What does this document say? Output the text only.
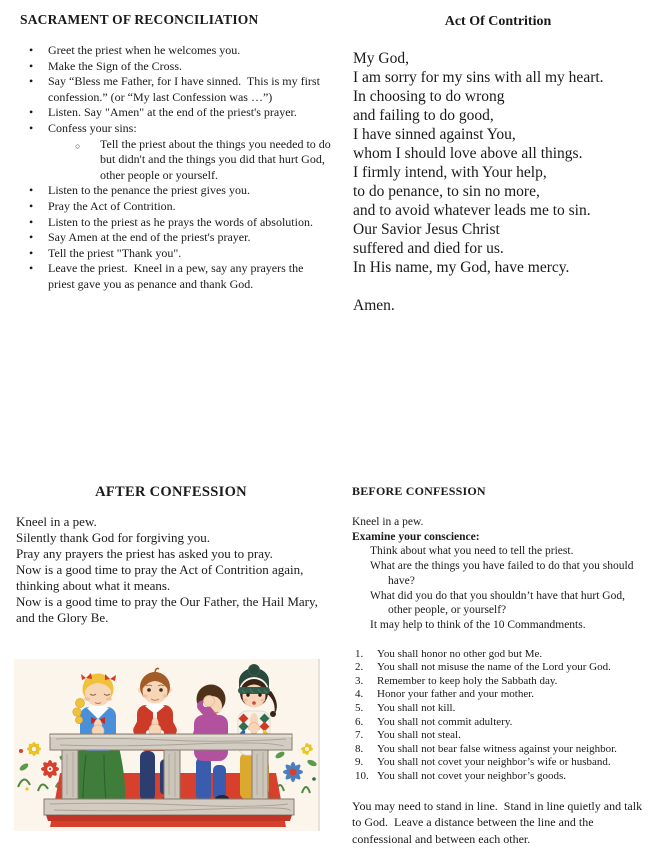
SACRAMENT OF RECONCILIATION
• Greet the priest when he welcomes you.
• Make the Sign of the Cross.
• Say “Bless me Father, for I have sinned.  This is my first confession.” (or “My last Confession was …”)
• Listen. Say "Amen" at the end of the priest's prayer.
• Confess your sins:
○ Tell the priest about the things you needed to do but didn't and the things you did that hurt God, other people or yourself.
• Listen to the penance the priest gives you.
• Pray the Act of Contrition.
• Listen to the priest as he prays the words of absolution.
• Say Amen at the end of the priest's prayer.
• Tell the priest "Thank you".
• Leave the priest.  Kneel in a pew, say any prayers the priest gave you as penance and thank God.
Act Of Contrition
My God,
I am sorry for my sins with all my heart.
In choosing to do wrong
and failing to do good,
I have sinned against You,
whom I should love above all things.
I firmly intend, with Your help,
to do penance, to sin no more,
and to avoid whatever leads me to sin.
Our Savior Jesus Christ
suffered and died for us.
In His name, my God, have mercy.
Amen.
AFTER CONFESSION
Kneel in a pew.
Silently thank God for forgiving you.
Pray any prayers the priest has asked you to pray.
Now is a good time to pray the Act of Contrition again, thinking about what it means.
Now is a good time to pray the Our Father, the Hail Mary, and the Glory Be.
BEFORE CONFESSION
Kneel in a pew.
Examine your conscience:
Think about what you need to tell the priest.
What are the things you have failed to do that you should have?
What did you do that you shouldn’t have that hurt God, other people, or yourself?
It may help to think of the 10 Commandments.
You shall honor no other god but Me.
You shall not misuse the name of the Lord your God.
Remember to keep holy the Sabbath day.
Honor your father and your mother.
You shall not kill.
You shall not commit adultery.
You shall not steal.
You shall not bear false witness against your neighbor.
You shall not covet your neighbor’s wife or husband.
You shall not covet your neighbor’s goods.
You may need to stand in line.  Stand in line quietly and talk to God.  Leave a distance between the line and the confessional and between each other.
